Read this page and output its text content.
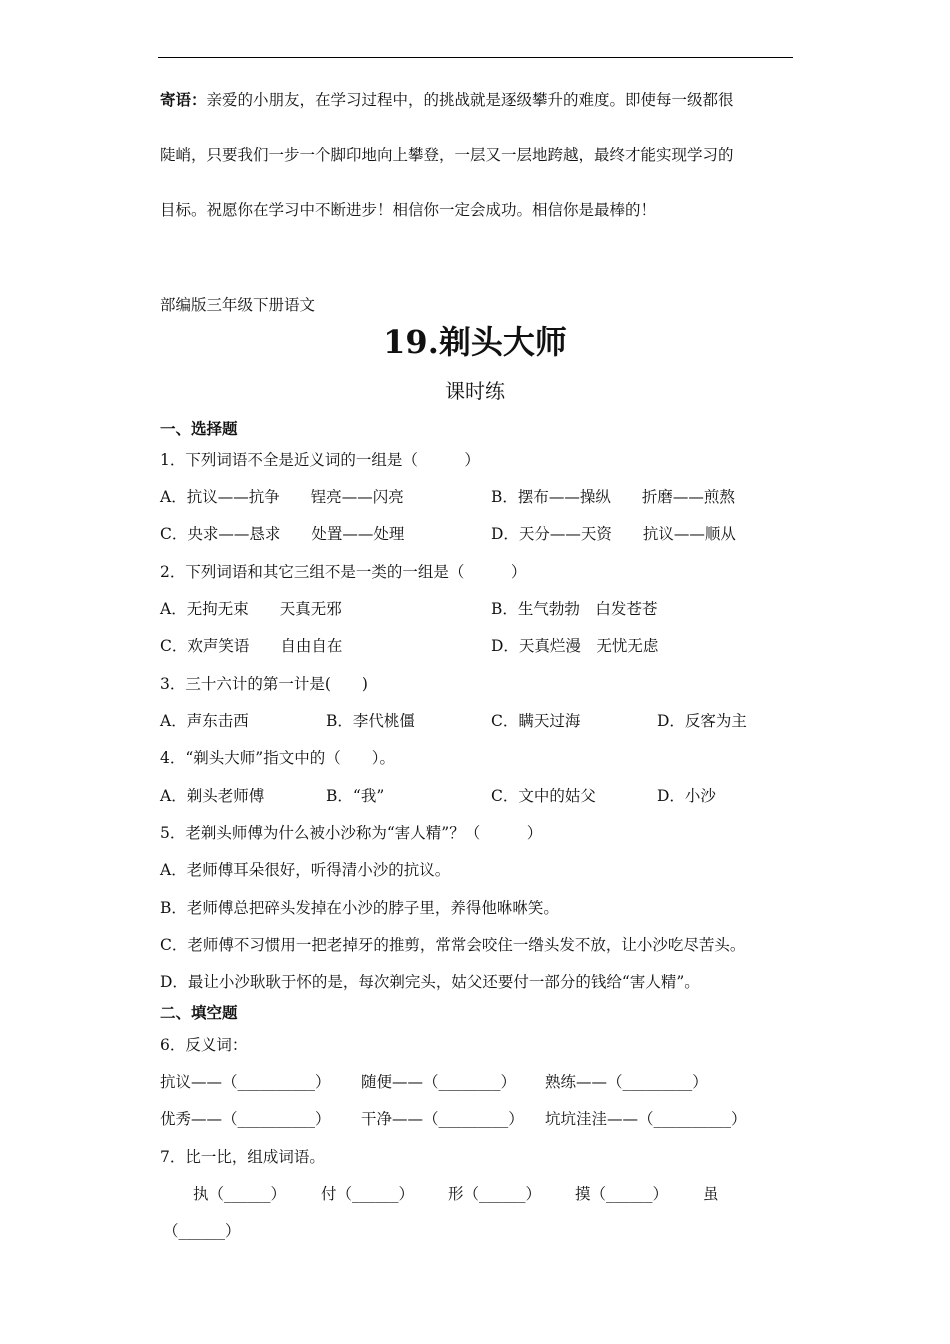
寄语：亲爱的小朋友，在学习过程中，的挑战就是逐级攀升的难度。即使每一级都很
陡峭，只要我们一步一个脚印地向上攀登，一层又一层地跨越，最终才能实现学习的
目标。祝愿你在学习中不断进步！相信你一定会成功。相信你是最棒的！
部编版三年级下册语文
19.剃头大师
课时练
一、选择题
1．下列词语不全是近义词的一组是（　　　）
A．抗议——抗争　　锃亮——闪亮	B．摆布——操纵　　折磨——煎熬
C．央求——恳求　　处置——处理	D．天分——天资　　抗议——顺从
2．下列词语和其它三组不是一类的一组是（　　　）
A．无拘无束　　天真无邪	B．生气勃勃　白发苍苍
C．欢声笑语　　自由自在	D．天真烂漫　无忧无虑
3．三十六计的第一计是(　　)
A．声东击西	B．李代桃僵	C．瞒天过海	D．反客为主
4．“剃头大师”指文中的（　　）。
A．剃头老师傅	B．“我”	C．文中的姑父	D．小沙
5．老剃头师傅为什么被小沙称为“害人精”？（　　　）
A．老师傅耳朵很好，听得清小沙的抗议。
B．老师傅总把碎头发掉在小沙的脖子里，养得他咻咻笑。
C．老师傅不习惯用一把老掉牙的推剪，常常会咬住一绺头发不放，让小沙吃尽苦头。
D．最让小沙耿耿于怀的是，每次剃完头，姑父还要付一部分的钱给“害人精”。
二、填空题
6．反义词：
抗议——（__________） 随便——（________） 熟练——（_________）
优秀——（__________） 干净——（_________） 坑坑洼洼——（__________）
7．比一比，组成词语。
执（______） 付（______） 形（______） 摸（______） 虽
（______）
